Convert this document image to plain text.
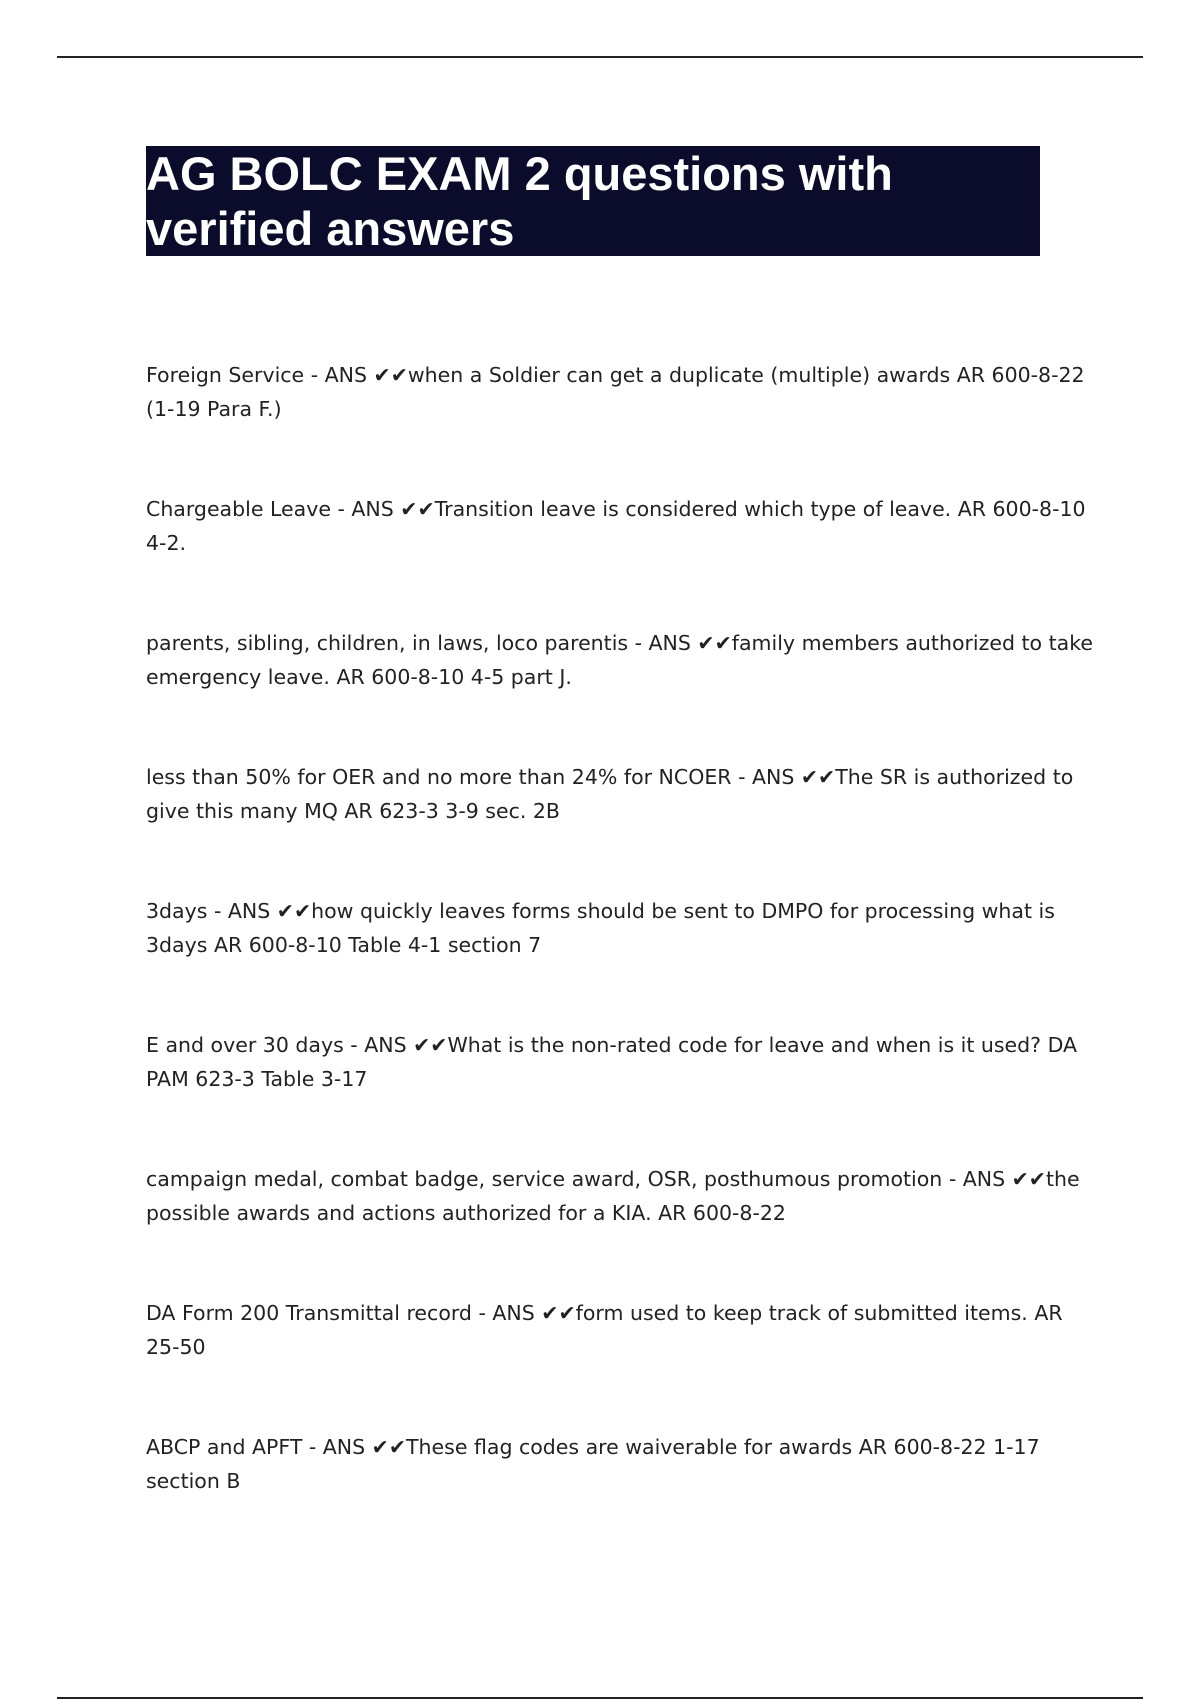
AG BOLC EXAM 2 questions with
verified answers
Foreign Service - ANS ✔✔when a Soldier can get a duplicate (multiple) awards AR 600-8-22 (1-19 Para F.)
Chargeable Leave - ANS ✔✔Transition leave is considered which type of leave. AR 600-8-10 4-2.
parents, sibling, children, in laws, loco parentis - ANS ✔✔family members authorized to take emergency leave. AR 600-8-10 4-5 part J.
less than 50% for OER and no more than 24% for NCOER - ANS ✔✔The SR is authorized to give this many MQ AR 623-3 3-9 sec. 2B
3days - ANS ✔✔how quickly leaves forms should be sent to DMPO for processing what is 3days AR 600-8-10 Table 4-1 section 7
E and over 30 days - ANS ✔✔What is the non-rated code for leave and when is it used? DA PAM 623-3 Table 3-17
campaign medal, combat badge, service award, OSR, posthumous promotion - ANS ✔✔the possible awards and actions authorized for a KIA. AR 600-8-22
DA Form 200 Transmittal record - ANS ✔✔form used to keep track of submitted items. AR 25-50
ABCP and APFT - ANS ✔✔These flag codes are waiverable for awards AR 600-8-22 1-17 section B
